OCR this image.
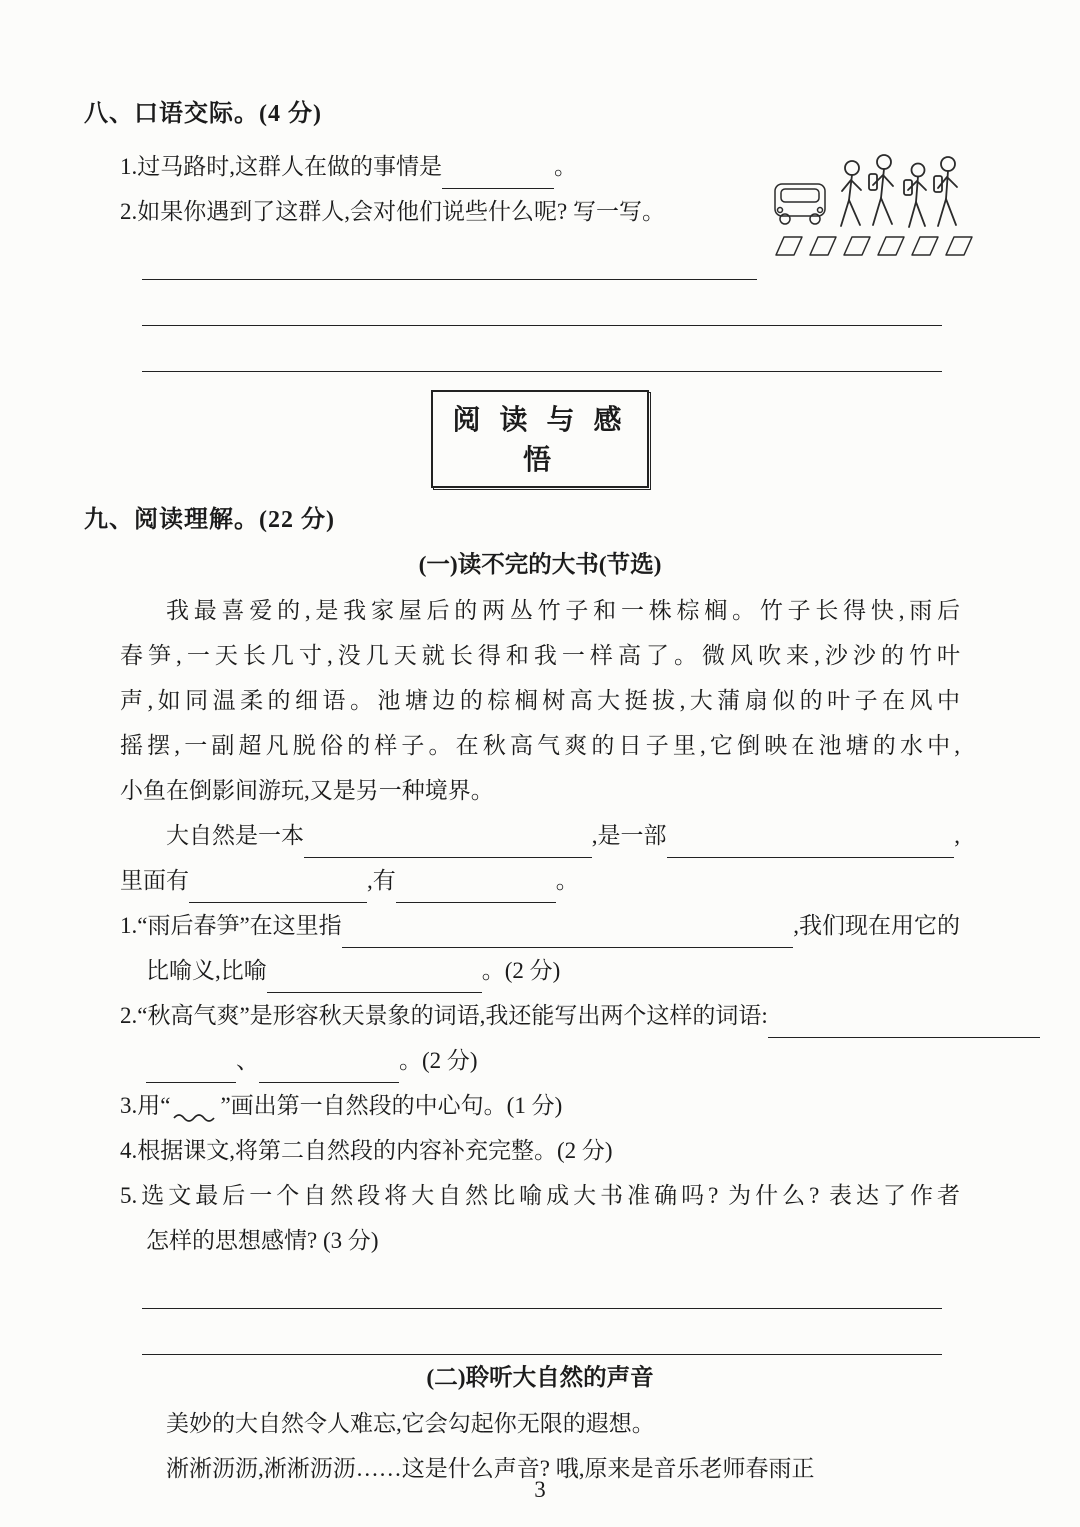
八、口语交际。(4 分)
1.过马路时,这群人在做的事情是	。
2.如果你遇到了这群人,会对他们说些什么呢? 写一写。
阅 读 与 感 悟
九、阅读理解。(22 分)
(一)读不完的大书(节选)
我最喜爱的,是我家屋后的两丛竹子和一株棕榈。竹子长得快,雨后
春笋,一天长几寸,没几天就长得和我一样高了。微风吹来,沙沙的竹叶
声,如同温柔的细语。池塘边的棕榈树高大挺拔,大蒲扇似的叶子在风中
摇摆,一副超凡脱俗的样子。在秋高气爽的日子里,它倒映在池塘的水中,
小鱼在倒影间游玩,又是另一种境界。
大自然是一本	,是一部	,
里面有	,有	。
1.“雨后春笋”在这里指	,我们现在用它的
比喻义,比喻	。(2 分)
2.“秋高气爽”是形容秋天景象的词语,我还能写出两个这样的词语:
、	。(2 分)
3.用“ ”画出第一自然段的中心句。(1 分)
4.根据课文,将第二自然段的内容补充完整。(2 分)
5.选文最后一个自然段将大自然比喻成大书准确吗? 为什么? 表达了作者
怎样的思想感情? (3 分)
(二)聆听大自然的声音
美妙的大自然令人难忘,它会勾起你无限的遐想。
淅淅沥沥,淅淅沥沥……这是什么声音? 哦,原来是音乐老师春雨正
3
